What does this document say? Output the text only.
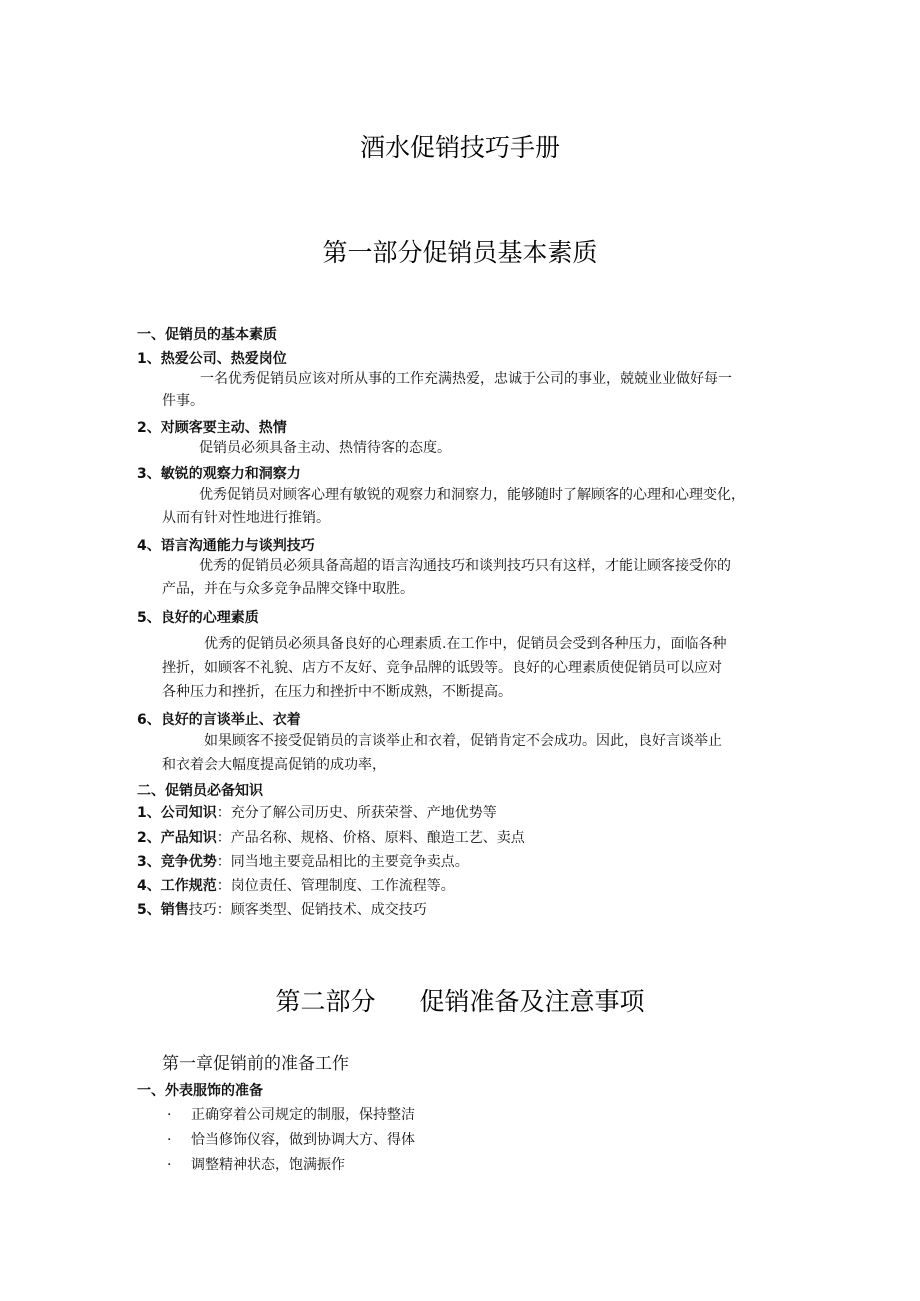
酒水促销技巧手册
第一部分促销员基本素质
一、促销员的基本素质
1、热爱公司、热爱岗位
一名优秀促销员应该对所从事的工作充满热爱，忠诚于公司的事业，兢兢业业做好每一
件事。
2、对顾客要主动、热情
促销员必须具备主动、热情待客的态度。
3、敏锐的观察力和洞察力
优秀促销员对顾客心理有敏锐的观察力和洞察力，能够随时了解顾客的心理和心理变化，
从而有针对性地进行推销。
4、语言沟通能力与谈判技巧
优秀的促销员必须具备高超的语言沟通技巧和谈判技巧只有这样，才能让顾客接受你的
产品，并在与众多竞争品牌交锋中取胜。
5、良好的心理素质
优秀的促销员必须具备良好的心理素质.在工作中，促销员会受到各种压力，面临各种
挫折，如顾客不礼貌、店方不友好、竞争品牌的诋毁等。良好的心理素质使促销员可以应对
各种压力和挫折，在压力和挫折中不断成熟，不断提高。
6、良好的言谈举止、衣着
如果顾客不接受促销员的言谈举止和衣着，促销肯定不会成功。因此，良好言谈举止
和衣着会大幅度提高促销的成功率，
二、促销员必备知识
1、公司知识：充分了解公司历史、所获荣誉、产地优势等
2、产品知识：产品名称、规格、价格、原料、酿造工艺、卖点
3、竞争优势：同当地主要竞品相比的主要竞争卖点。
4、工作规范：岗位责任、管理制度、工作流程等。
5、销售技巧：顾客类型、促销技术、成交技巧
第二部分 促销准备及注意事项
第一章促销前的准备工作
一、外表服饰的准备
· 正确穿着公司规定的制服，保持整洁
· 恰当修饰仪容，做到协调大方、得体
· 调整精神状态，饱满振作
